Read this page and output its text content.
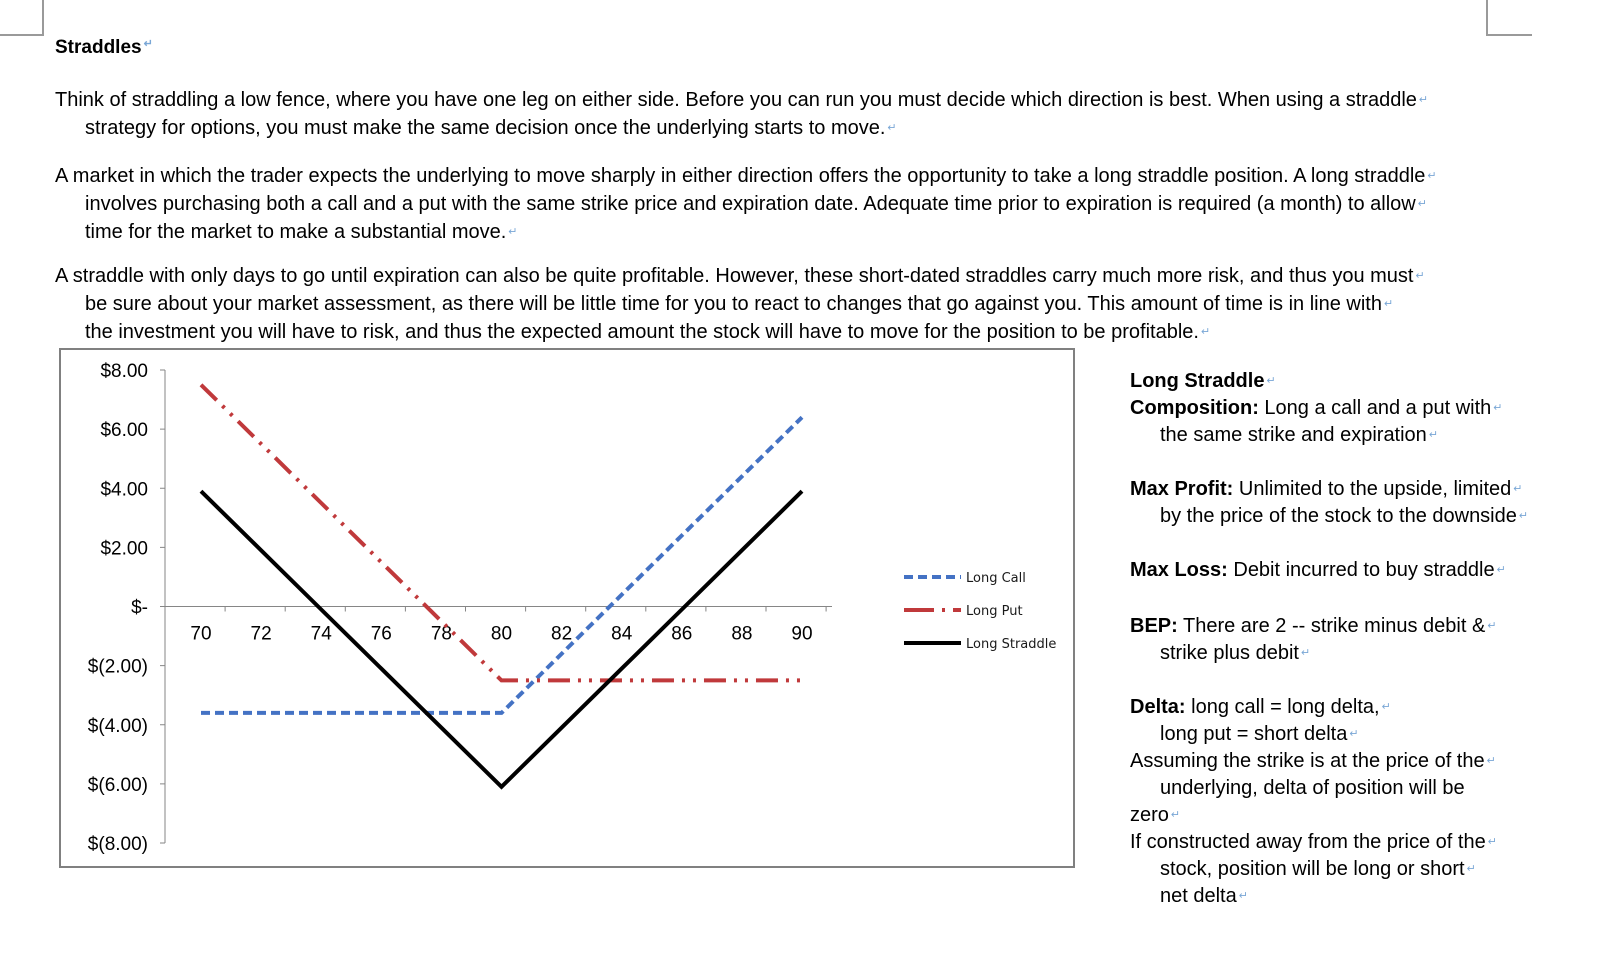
Straddles ↵
Think of straddling a low fence, where you have one leg on either side. Before you can run you must decide which direction is best. When using a straddle ↵
strategy for options, you must make the same decision once the underlying starts to move. ↵
A market in which the trader expects the underlying to move sharply in either direction offers the opportunity to take a long straddle position. A long straddle ↵
involves purchasing both a call and a put with the same strike price and expiration date. Adequate time prior to expiration is required (a month) to allow ↵
time for the market to make a substantial move. ↵
A straddle with only days to go until expiration can also be quite profitable. However, these short-dated straddles carry much more risk, and thus you must ↵
be sure about your market assessment, as there will be little time for you to react to changes that go against you. This amount of time is in line with ↵
the investment you will have to risk, and thus the expected amount the stock will have to move for the position to be profitable. ↵
$8.00
$6.00
$4.00
$2.00
$-
$(2.00)
$(4.00)
$(6.00)
$(8.00)
70 72 74 76 78 80 82 84 86 88 90
Long Call
Long Put
Long Straddle
Long Straddle ↵
Composition: Long a call and a put with ↵
the same strike and expiration ↵
Max Profit: Unlimited to the upside, limited ↵
by the price of the stock to the downside ↵
Max Loss: Debit incurred to buy straddle ↵
BEP: There are 2 -- strike minus debit & ↵
strike plus debit ↵
Delta: long call = long delta, ↵
long put = short delta ↵
Assuming the strike is at the price of the ↵
underlying, delta of position will be
zero ↵
If constructed away from the price of the ↵
stock, position will be long or short ↵
net delta ↵
